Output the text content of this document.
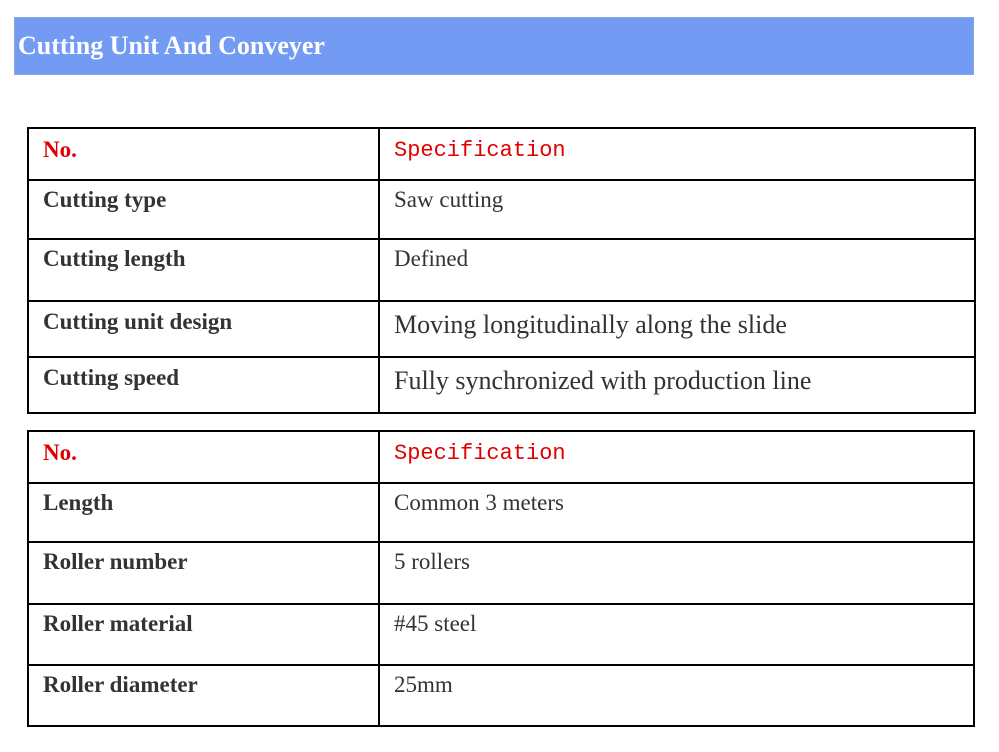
Cutting Unit And Conveyer
No.	Specification

Cutting type	Saw cutting

Cutting length	Defined

Cutting unit design	Moving longitudinally along the slide

Cutting speed	Fully synchronized with production line
No.	Specification

Length	Common 3 meters

Roller number	5 rollers

Roller material	#45 steel

Roller diameter	25mm
